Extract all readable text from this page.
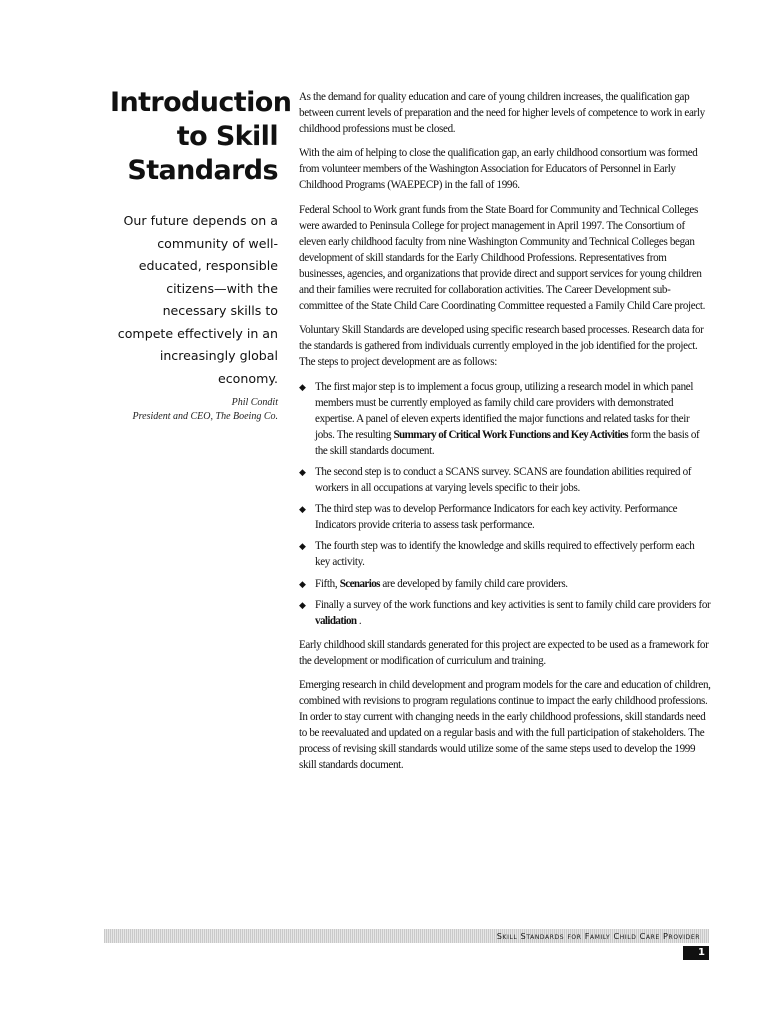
Introduction
to Skill
Standards
Our future depends on a community of well-educated, responsible citizens—with the necessary skills to compete effectively in an increasingly global economy.
Phil Condit
President and CEO, The Boeing Co.

As the demand for quality education and care of young children increases, the qualification gap between current levels of preparation and the need for higher levels of competence to work in early childhood professions must be closed.

With the aim of helping to close the qualification gap, an early childhood consortium was formed from volunteer members of the Washington Association for Educators of Personnel in Early Childhood Programs (WAEPECP) in the fall of 1996.

Federal School to Work grant funds from the State Board for Community and Technical Colleges were awarded to Peninsula College for project management in April 1997. The Consortium of eleven early childhood faculty from nine Washington Community and Technical Colleges began development of skill standards for the Early Childhood Professions. Representatives from businesses, agencies, and organizations that provide direct and support services for young children and their families were recruited for collaboration activities. The Career Development sub-committee of the State Child Care Coordinating Committee requested a Family Child Care project.

Voluntary Skill Standards are developed using specific research based processes. Research data for the standards is gathered from individuals currently employed in the job identified for the project. The steps to project development are as follows:

◆ The first major step is to implement a focus group, utilizing a research model in which panel members must be currently employed as family child care providers with demonstrated expertise. A panel of eleven experts identified the major functions and related tasks for their jobs. The resulting Summary of Critical Work Functions and Key Activities form the basis of the skill standards document.
◆ The second step is to conduct a SCANS survey. SCANS are foundation abilities required of workers in all occupations at varying levels specific to their jobs.
◆ The third step was to develop Performance Indicators for each key activity. Performance Indicators provide criteria to assess task performance.
◆ The fourth step was to identify the knowledge and skills required to effectively perform each key activity.
◆ Fifth, Scenarios are developed by family child care providers.
◆ Finally a survey of the work functions and key activities is sent to family child care providers for validation .

Early childhood skill standards generated for this project are expected to be used as a framework for the development or modification of curriculum and training.

Emerging research in child development and program models for the care and education of children, combined with revisions to program regulations continue to impact the early childhood professions. In order to stay current with changing needs in the early childhood professions, skill standards need to be reevaluated and updated on a regular basis and with the full participation of stakeholders. The process of revising skill standards would utilize some of the same steps used to develop the 1999 skill standards document.

Skill Standards for Family Child Care Provider
1
